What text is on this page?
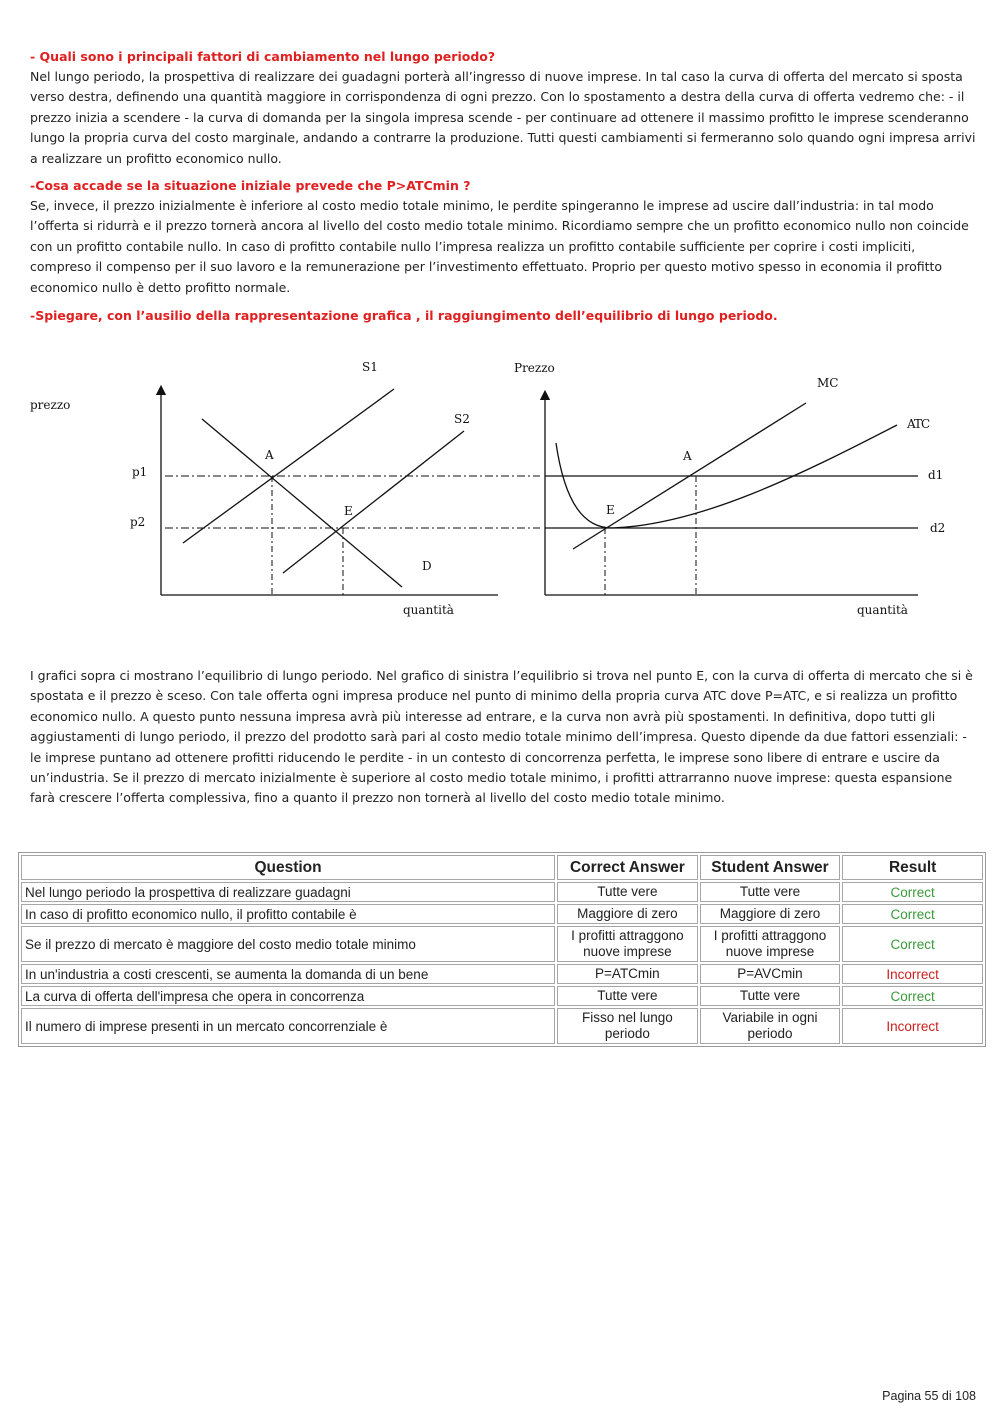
- Quali sono i principali fattori di cambiamento nel lungo periodo?

Nel lungo periodo, la prospettiva di realizzare dei guadagni porterà all’ingresso di nuove imprese. In tal caso la curva di offerta del mercato si sposta verso destra, definendo una quantità maggiore in corrispondenza di ogni prezzo. Con lo spostamento a destra della curva di offerta vedremo che: - il prezzo inizia a scendere - la curva di domanda per la singola impresa scende - per continuare ad ottenere il massimo profitto le imprese scenderanno lungo la propria curva del costo marginale, andando a contrarre la produzione. Tutti questi cambiamenti si fermeranno solo quando ogni impresa arrivi a realizzare un profitto economico nullo.

-Cosa accade se la situazione iniziale prevede che P>ATCmin ?

Se, invece, il prezzo inizialmente è inferiore al costo medio totale minimo, le perdite spingeranno le imprese ad uscire dall’industria: in tal modo l’offerta si ridurrà e il prezzo tornerà ancora al livello del costo medio totale minimo. Ricordiamo sempre che un profitto economico nullo non coincide con un profitto contabile nullo. In caso di profitto contabile nullo l’impresa realizza un profitto contabile sufficiente per coprire i costi impliciti, compreso il compenso per il suo lavoro e la remunerazione per l’investimento effettuato. Proprio per questo motivo spesso in economia il profitto economico nullo è detto profitto normale.

-Spiegare, con l’ausilio della rappresentazione grafica , il raggiungimento dell’equilibrio di lungo periodo.

prezzo
quantità
S1
S2
D
A
E
p1
p2
Prezzo
quantità
MC
ATC
A
E
d1
d2

I grafici sopra ci mostrano l’equilibrio di lungo periodo. Nel grafico di sinistra l’equilibrio si trova nel punto E, con la curva di offerta di mercato che si è spostata e il prezzo è sceso. Con tale offerta ogni impresa produce nel punto di minimo della propria curva ATC dove P=ATC, e si realizza un profitto economico nullo. A questo punto nessuna impresa avrà più interesse ad entrare, e la curva non avrà più spostamenti. In definitiva, dopo tutti gli aggiustamenti di lungo periodo, il prezzo del prodotto sarà pari al costo medio totale minimo dell’impresa. Questo dipende da due fattori essenziali: - le imprese puntano ad ottenere profitti riducendo le perdite - in un contesto di concorrenza perfetta, le imprese sono libere di entrare e uscire da un’industria. Se il prezzo di mercato inizialmente è superiore al costo medio totale minimo, i profitti attrarranno nuove imprese: questa espansione farà crescere l’offerta complessiva, fino a quanto il prezzo non tornerà al livello del costo medio totale minimo.

Question	Correct Answer	Student Answer	Result
Nel lungo periodo la prospettiva di realizzare guadagni	Tutte vere	Tutte vere	Correct
In caso di profitto economico nullo, il profitto contabile è	Maggiore di zero	Maggiore di zero	Correct
Se il prezzo di mercato è maggiore del costo medio totale minimo	I profitti attraggono nuove imprese	I profitti attraggono nuove imprese	Correct
In un'industria a costi crescenti, se aumenta la domanda di un bene	P=ATCmin	P=AVCmin	Incorrect
La curva di offerta dell'impresa che opera in concorrenza	Tutte vere	Tutte vere	Correct
Il numero di imprese presenti in un mercato concorrenziale è	Fisso nel lungo periodo	Variabile in ogni periodo	Incorrect
Pagina 55 di 108
